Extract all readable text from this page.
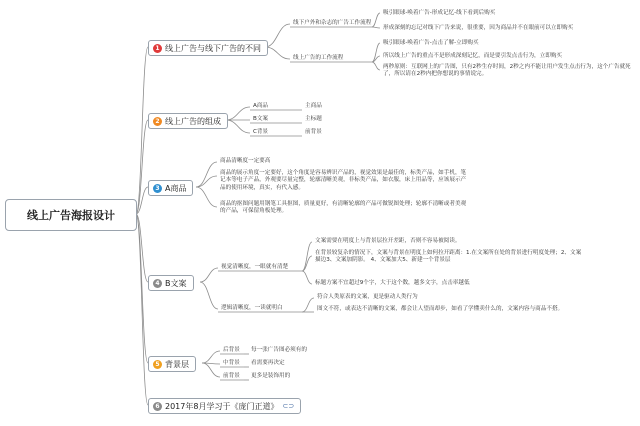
线上广告海报设计
1 线上广告与线下广告的不同
线下户外和杂志的广告工作流程
吸引眼球-唤着广告-形成记忆-线下看到后购买
形成深刻的忘记对线下广告来说，很重要，因为商品并不在眼前可以立即购买
线上广告的工作流程
吸引眼球-唤着广告-点击了解-立即购买
所以线上广告的重点不是形成深刻记忆，而是要引发点击行为，立即购买
两秒原则：互联网上的广告图，只有2秒生存时间，2秒之内不能让用户发生点击行为，这个广告就死了，所以请在2秒内把你想说的事情说完。
2 线上广告的组成
A商品	主商品
B文案	主标题
C背景	前背景
3 A商品
商品清晰度一定要高
商品的展示角度一定要好，这个角度是容易辨识产品的，视觉效果是最佳的，标类产品，如手机，笔记本等电子产品，外观要尽量完整，轮廓清晰美观，非标类产品，如衣服，床上用品等，应该展示产品的使用环境，真实，有代入感。
商品的抠图问题用钢笔工具抠图，质量更好，有清晰轮廓的产品可做锐图处理；轮廓不清晰或者美观的产品，可保留角板处理。
4 B文案
视觉清晰度，一眼就有清楚
文案需要在明度上与背景层拉开差距，否则不容易被阅读。
在背景较复杂的情况下，文案与背景在明度上如何拉开距离：1.在文案所在处的背景进行明度处理；2、文案描边3、文案加阴影。 4、文案加大5、新建一个背景层
标题方案不宜超过9个字，大于这个数，越多文字，点击率越低
逻辑清晰度，一读就明白
符合人类原表的文案，更是驱动人类行为
图文不符，或表达不清晰的文案，都会让人望而却步，如看了学懂卖什么的，文案内容与商品不搭。
5 背景层
后背景 每一张广告图必须有的
中背景 看需要再决定
前背景 更多是装饰用的
6 2017年8月学习于《庞门正道》 ⊂⊃
